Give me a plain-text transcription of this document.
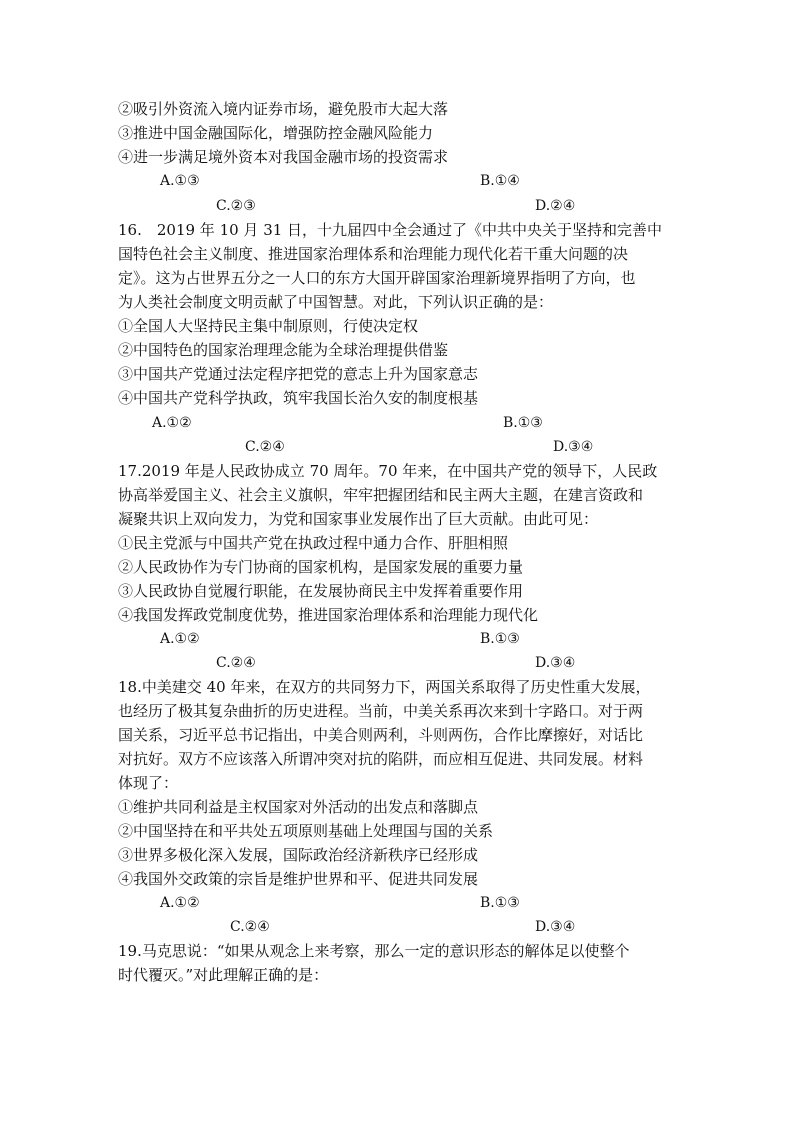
②吸引外资流入境内证券市场，避免股市大起大落
③推进中国金融国际化，增强防控金融风险能力
④进一步满足境外资本对我国金融市场的投资需求
A.①③	B.①④
C.②③	D.②④
16.　2019 年 10 月 31 日，十九届四中全会通过了《中共中央关于坚持和完善中
国特色社会主义制度、推进国家治理体系和治理能力现代化若干重大问题的决
定》。这为占世界五分之一人口的东方大国开辟国家治理新境界指明了方向，也
为人类社会制度文明贡献了中国智慧。对此，下列认识正确的是：
①全国人大坚持民主集中制原则，行使决定权
②中国特色的国家治理理念能为全球治理提供借鉴
③中国共产党通过法定程序把党的意志上升为国家意志
④中国共产党科学执政，筑牢我国长治久安的制度根基
A.①②	B.①③
C.②④	D.③④
17.2019 年是人民政协成立 70 周年。70 年来，在中国共产党的领导下，人民政
协高举爱国主义、社会主义旗帜，牢牢把握团结和民主两大主题，在建言资政和
凝聚共识上双向发力，为党和国家事业发展作出了巨大贡献。由此可见：
①民主党派与中国共产党在执政过程中通力合作、肝胆相照
②人民政协作为专门协商的国家机构，是国家发展的重要力量
③人民政协自觉履行职能，在发展协商民主中发挥着重要作用
④我国发挥政党制度优势，推进国家治理体系和治理能力现代化
A.①②	B.①③
C.②④	D.③④
18.中美建交 40 年来，在双方的共同努力下，两国关系取得了历史性重大发展，
也经历了极其复杂曲折的历史进程。当前，中美关系再次来到十字路口。对于两
国关系，习近平总书记指出，中美合则两利，斗则两伤，合作比摩擦好，对话比
对抗好。双方不应该落入所谓冲突对抗的陷阱，而应相互促进、共同发展。材料
体现了：
①维护共同利益是主权国家对外活动的出发点和落脚点
②中国坚持在和平共处五项原则基础上处理国与国的关系
③世界多极化深入发展，国际政治经济新秩序已经形成
④我国外交政策的宗旨是维护世界和平、促进共同发展
A.①②	B.①③
C.②④	D.③④
19.马克思说：“如果从观念上来考察，那么一定的意识形态的解体足以使整个
时代覆灭。”对此理解正确的是：
